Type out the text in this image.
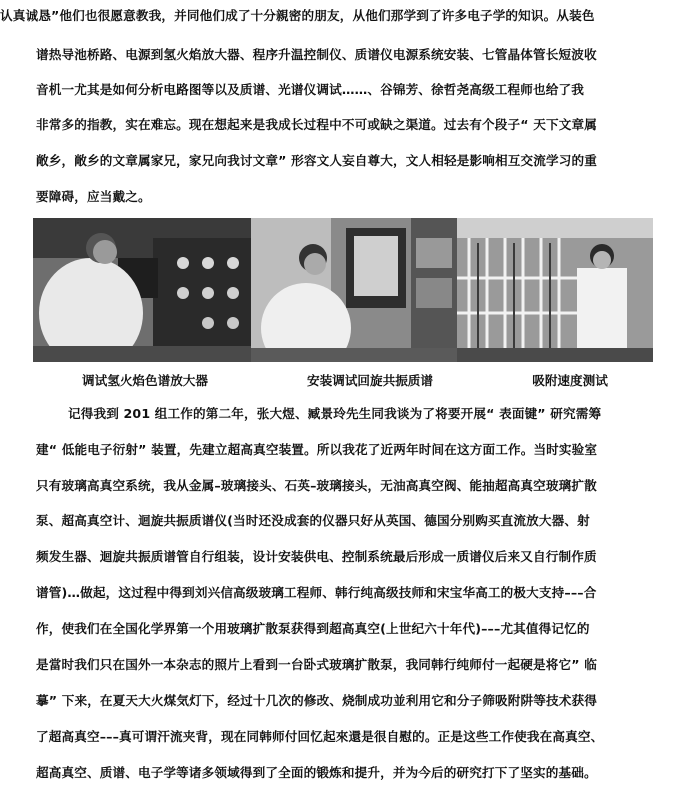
认真诚恳”他们也很愿意教我，并同他们成了十分親密的朋友，从他们那学到了许多电子学的知识。从装色
谱热导池桥路、电源到氢火焰放大器、程序升温控制仪、质谱仪电源系统安装、七管晶体管长短波收
音机一尤其是如何分析电路图等以及质谱、光谱仪调试……、谷锦芳、徐哲尧高级工程师也给了我
非常多的指教，实在难忘。现在想起来是我成长过程中不可或缺之渠道。过去有个段子“ 天下文章属
敞乡，敞乡的文章属家兄，家兄向我讨文章” 形容文人妄自尊大，文人相轻是影响相互交流学习的重
要障碍，应当戴之。
调试氢火焰色谱放大器	安装调试回旋共振质谱	吸附速度测试
记得我到 201 组工作的第二年，张大煜、臧景玲先生同我谈为了将要开展“ 表面键” 研究需筹
建“ 低能电子衍射” 装置，先建立超高真空装置。所以我花了近两年时间在这方面工作。当时实验室
只有玻璃高真空系统，我从金属–玻璃接头、石英–玻璃接头，无油高真空阀、能抽超高真空玻璃扩散
泵、超高真空计、迴旋共振质谱仪(当时还没成套的仪器只好从英国、德国分别购买直流放大器、射
频发生器、迴旋共振质谱管自行组装，设计安装供电、控制系统最后形成一质谱仪后来又自行制作质
谱管)…做起，这过程中得到刘兴信高级玻璃工程师、韩行纯高级技师和宋宝华高工的极大支持–––合
作，使我们在全国化学界第一个用玻璃扩散泵获得到超高真空(上世纪六十年代)–––尤其值得记忆的
是當时我们只在国外一本杂志的照片上看到一台卧式玻璃扩散泵，我同韩行纯师付一起硬是将它” 临
摹” 下来，在夏天大火煤気灯下，经过十几次的修改、烧制成功並利用它和分子筛吸附阱等技术获得
了超高真空–––真可谓汗流夹背，现在同韩师付回忆起來還是很自慰的。正是这些工作使我在高真空、
超高真空、质谱、电子学等诸多领域得到了全面的锻炼和提升，并为今后的研究打下了坚实的基础。
